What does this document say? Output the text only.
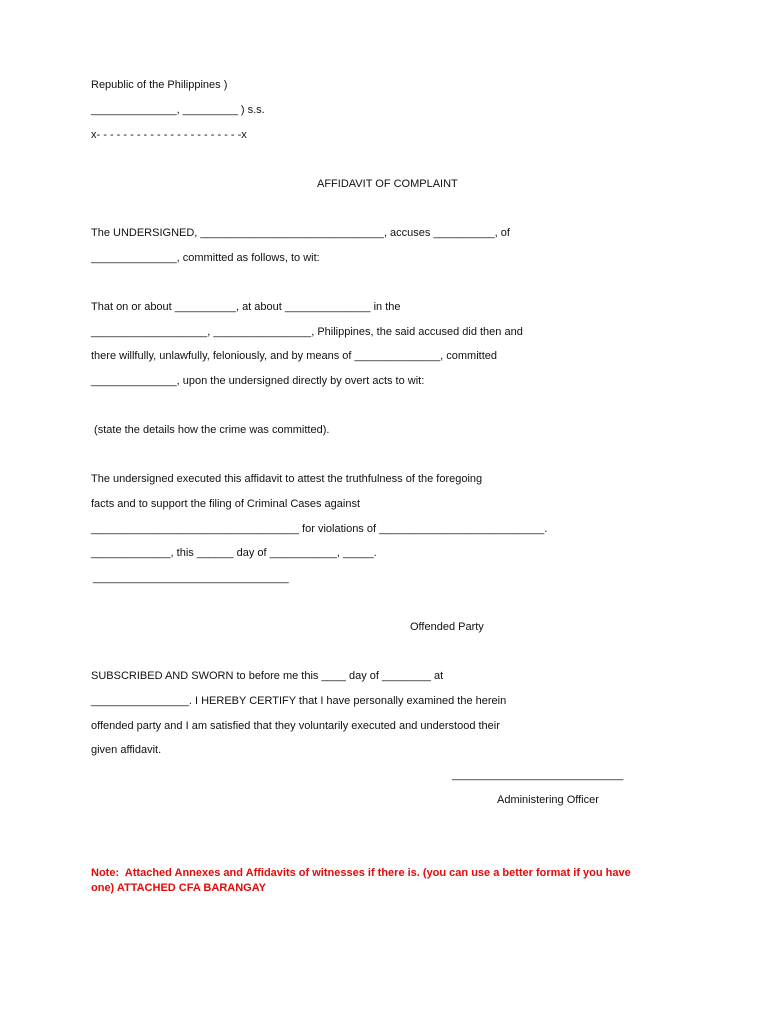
Republic of the Philippines )
______________, _________ ) s.s.
x- - - - - - - - - - - - - - - - - - - - - -x
AFFIDAVIT OF COMPLAINT
The UNDERSIGNED, ______________________________, accuses __________, of
______________, committed as follows, to wit:
That on or about __________, at about ______________ in the
___________________, ________________, Philippines, the said accused did then and
there willfully, unlawfully, feloniously, and by means of ______________, committed
______________, upon the undersigned directly by overt acts to wit:
(state the details how the crime was committed).
The undersigned executed this affidavit to attest the truthfulness of the foregoing
facts and to support the filing of Criminal Cases against
__________________________________ for violations of ___________________________.
_____________, this ______ day of ___________, _____.
________________________________
Offended Party
SUBSCRIBED AND SWORN to before me this ____ day of ________ at
________________. I HEREBY CERTIFY that I have personally examined the herein
offended party and I am satisfied that they voluntarily executed and understood their
given affidavit.
____________________________
Administering Officer
Note:  Attached Annexes and Affidavits of witnesses if there is. (you can use a better format if you have
one) ATTACHED CFA BARANGAY
